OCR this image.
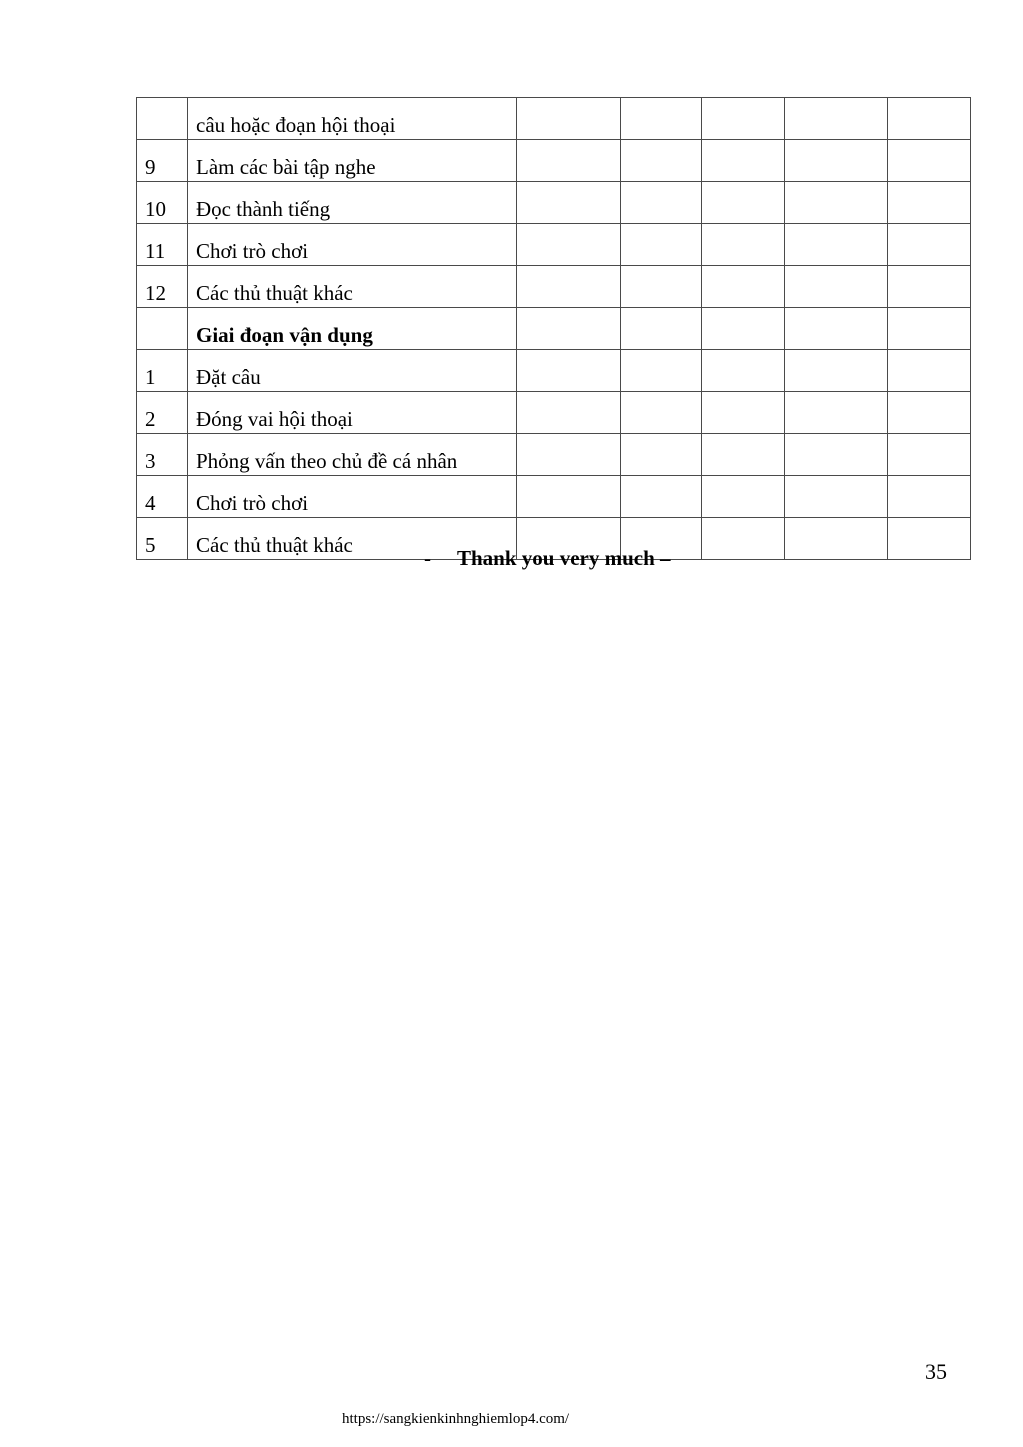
	câu hoặc đoạn hội thoại					
9	Làm các bài tập nghe					
10	Đọc thành tiếng					
11	Chơi trò chơi					
12	Các thủ thuật khác					
	Giai đoạn vận dụng					
1	Đặt câu					
2	Đóng vai hội thoại					
3	Phỏng vấn theo chủ đề cá nhân					
4	Chơi trò chơi					
5	Các thủ thuật khác					
- Thank you very much –
35
https://sangkienkinhnghiemlop4.com/
